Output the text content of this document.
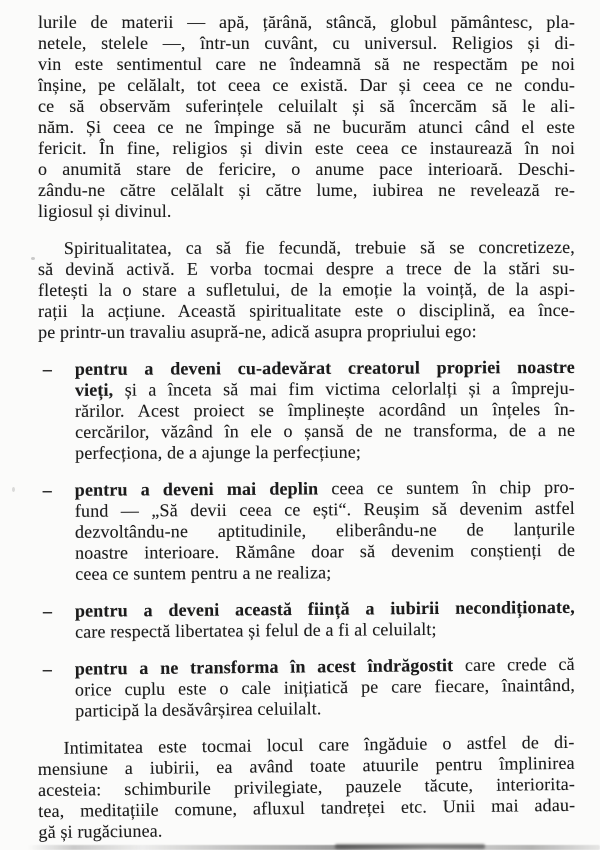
lurile de materii — apă, țărână, stâncă, globul pământesc, pla-
netele, stelele —, într-un cuvânt, cu universul. Religios și di-
vin este sentimentul care ne îndeamnă să ne respectăm pe noi
înșine, pe celălalt, tot ceea ce există. Dar și ceea ce ne condu-
ce să observăm suferințele celuilalt și să încercăm să le ali-
năm. Și ceea ce ne împinge să ne bucurăm atunci când el este
fericit. În fine, religios și divin este ceea ce instaurează în noi
o anumită stare de fericire, o anume pace interioară. Deschi-
zându-ne către celălalt și către lume, iubirea ne revelează re-
ligiosul și divinul.
Spiritualitatea, ca să fie fecundă, trebuie să se concretizeze,
să devină activă. E vorba tocmai despre a trece de la stări su-
fletești la o stare a sufletului, de la emoție la voință, de la aspi-
rații la acțiune. Această spiritualitate este o disciplină, ea înce-
pe printr-un travaliu asupră-ne, adică asupra propriului ego:
– pentru a deveni cu-adevărat creatorul propriei noastre
vieți, și a înceta să mai fim victima celorlalți și a împreju-
rărilor. Acest proiect se împlinește acordând un înțeles în-
cercărilor, văzând în ele o șansă de ne transforma, de a ne
perfecționa, de a ajunge la perfecțiune;
– pentru a deveni mai deplin ceea ce suntem în chip pro-
fund — „Să devii ceea ce ești“. Reușim să devenim astfel
dezvoltându-ne aptitudinile, eliberându-ne de lanțurile
noastre interioare. Rămâne doar să devenim conștienți de
ceea ce suntem pentru a ne realiza;
– pentru a deveni această ființă a iubirii necondiționate,
care respectă libertatea și felul de a fi al celuilalt;
– pentru a ne transforma în acest îndrăgostit care crede că
orice cuplu este o cale inițiatică pe care fiecare, înaintând,
participă la desăvârșirea celuilalt.
Intimitatea este tocmai locul care îngăduie o astfel de di-
mensiune a iubirii, ea având toate atuurile pentru împlinirea
acesteia: schimburile privilegiate, pauzele tăcute, interiorita-
tea, meditațiile comune, afluxul tandreței etc. Unii mai adau-
gă și rugăciunea.
